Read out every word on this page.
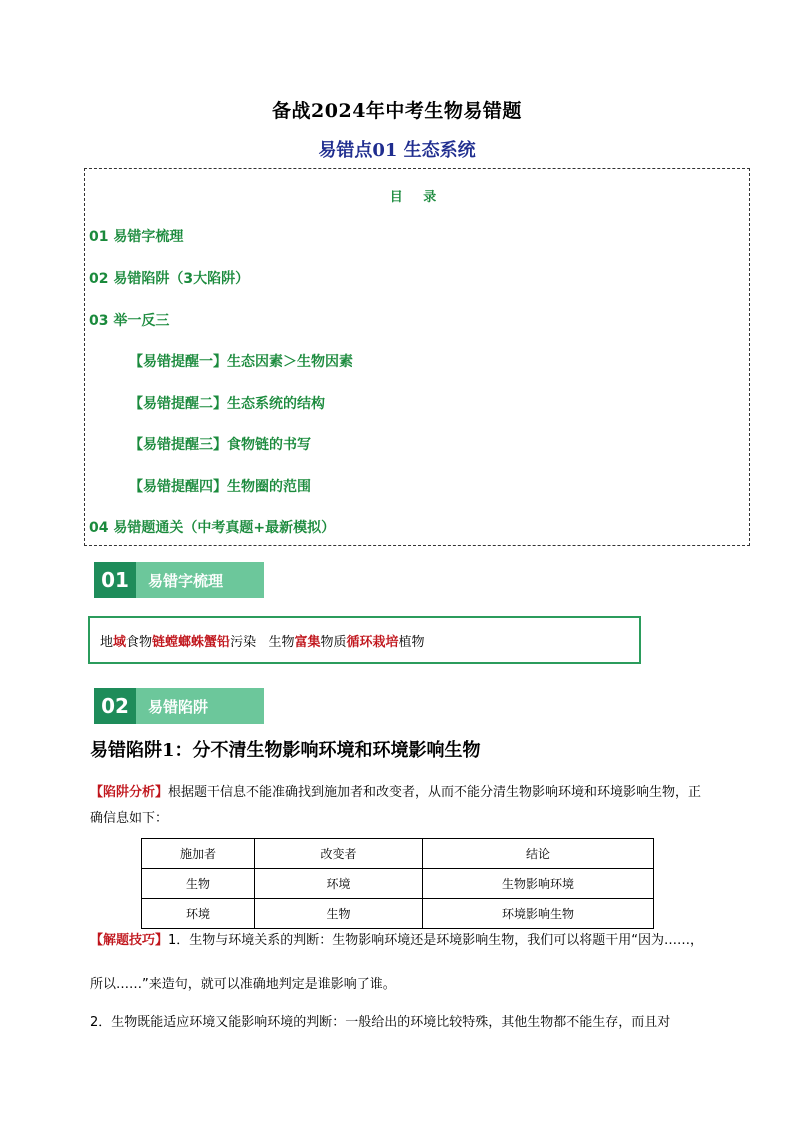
备战2024年中考生物易错题
易错点01 生态系统
目 录
01 易错字梳理
02 易错陷阱（3大陷阱）
03 举一反三
【易错提醒一】生态因素＞生物因素
【易错提醒二】生态系统的结构
【易错提醒三】食物链的书写
【易错提醒四】生物圈的范围
04 易错题通关（中考真题+最新模拟）
01	易错字梳理
地 域 食物 链螳螂蛛蟹铅 污染   生物 富集 物质 循环栽培 植物
02	易错陷阱
易错陷阱1：分不清生物影响环境和环境影响生物
【陷阱分析】根据题干信息不能准确找到施加者和改变者，从而不能分清生物影响环境和环境影响生物，正确信息如下：
施加者	改变者	结论
生物	环境	生物影响环境
环境	生物	环境影响生物
【解题技巧】1．生物与环境关系的判断：生物影响环境还是环境影响生物，我们可以将题干用“因为……，
所以……”来造句，就可以准确地判定是谁影响了谁。
2．生物既能适应环境又能影响环境的判断：一般给出的环境比较特殊，其他生物都不能生存，而且对
